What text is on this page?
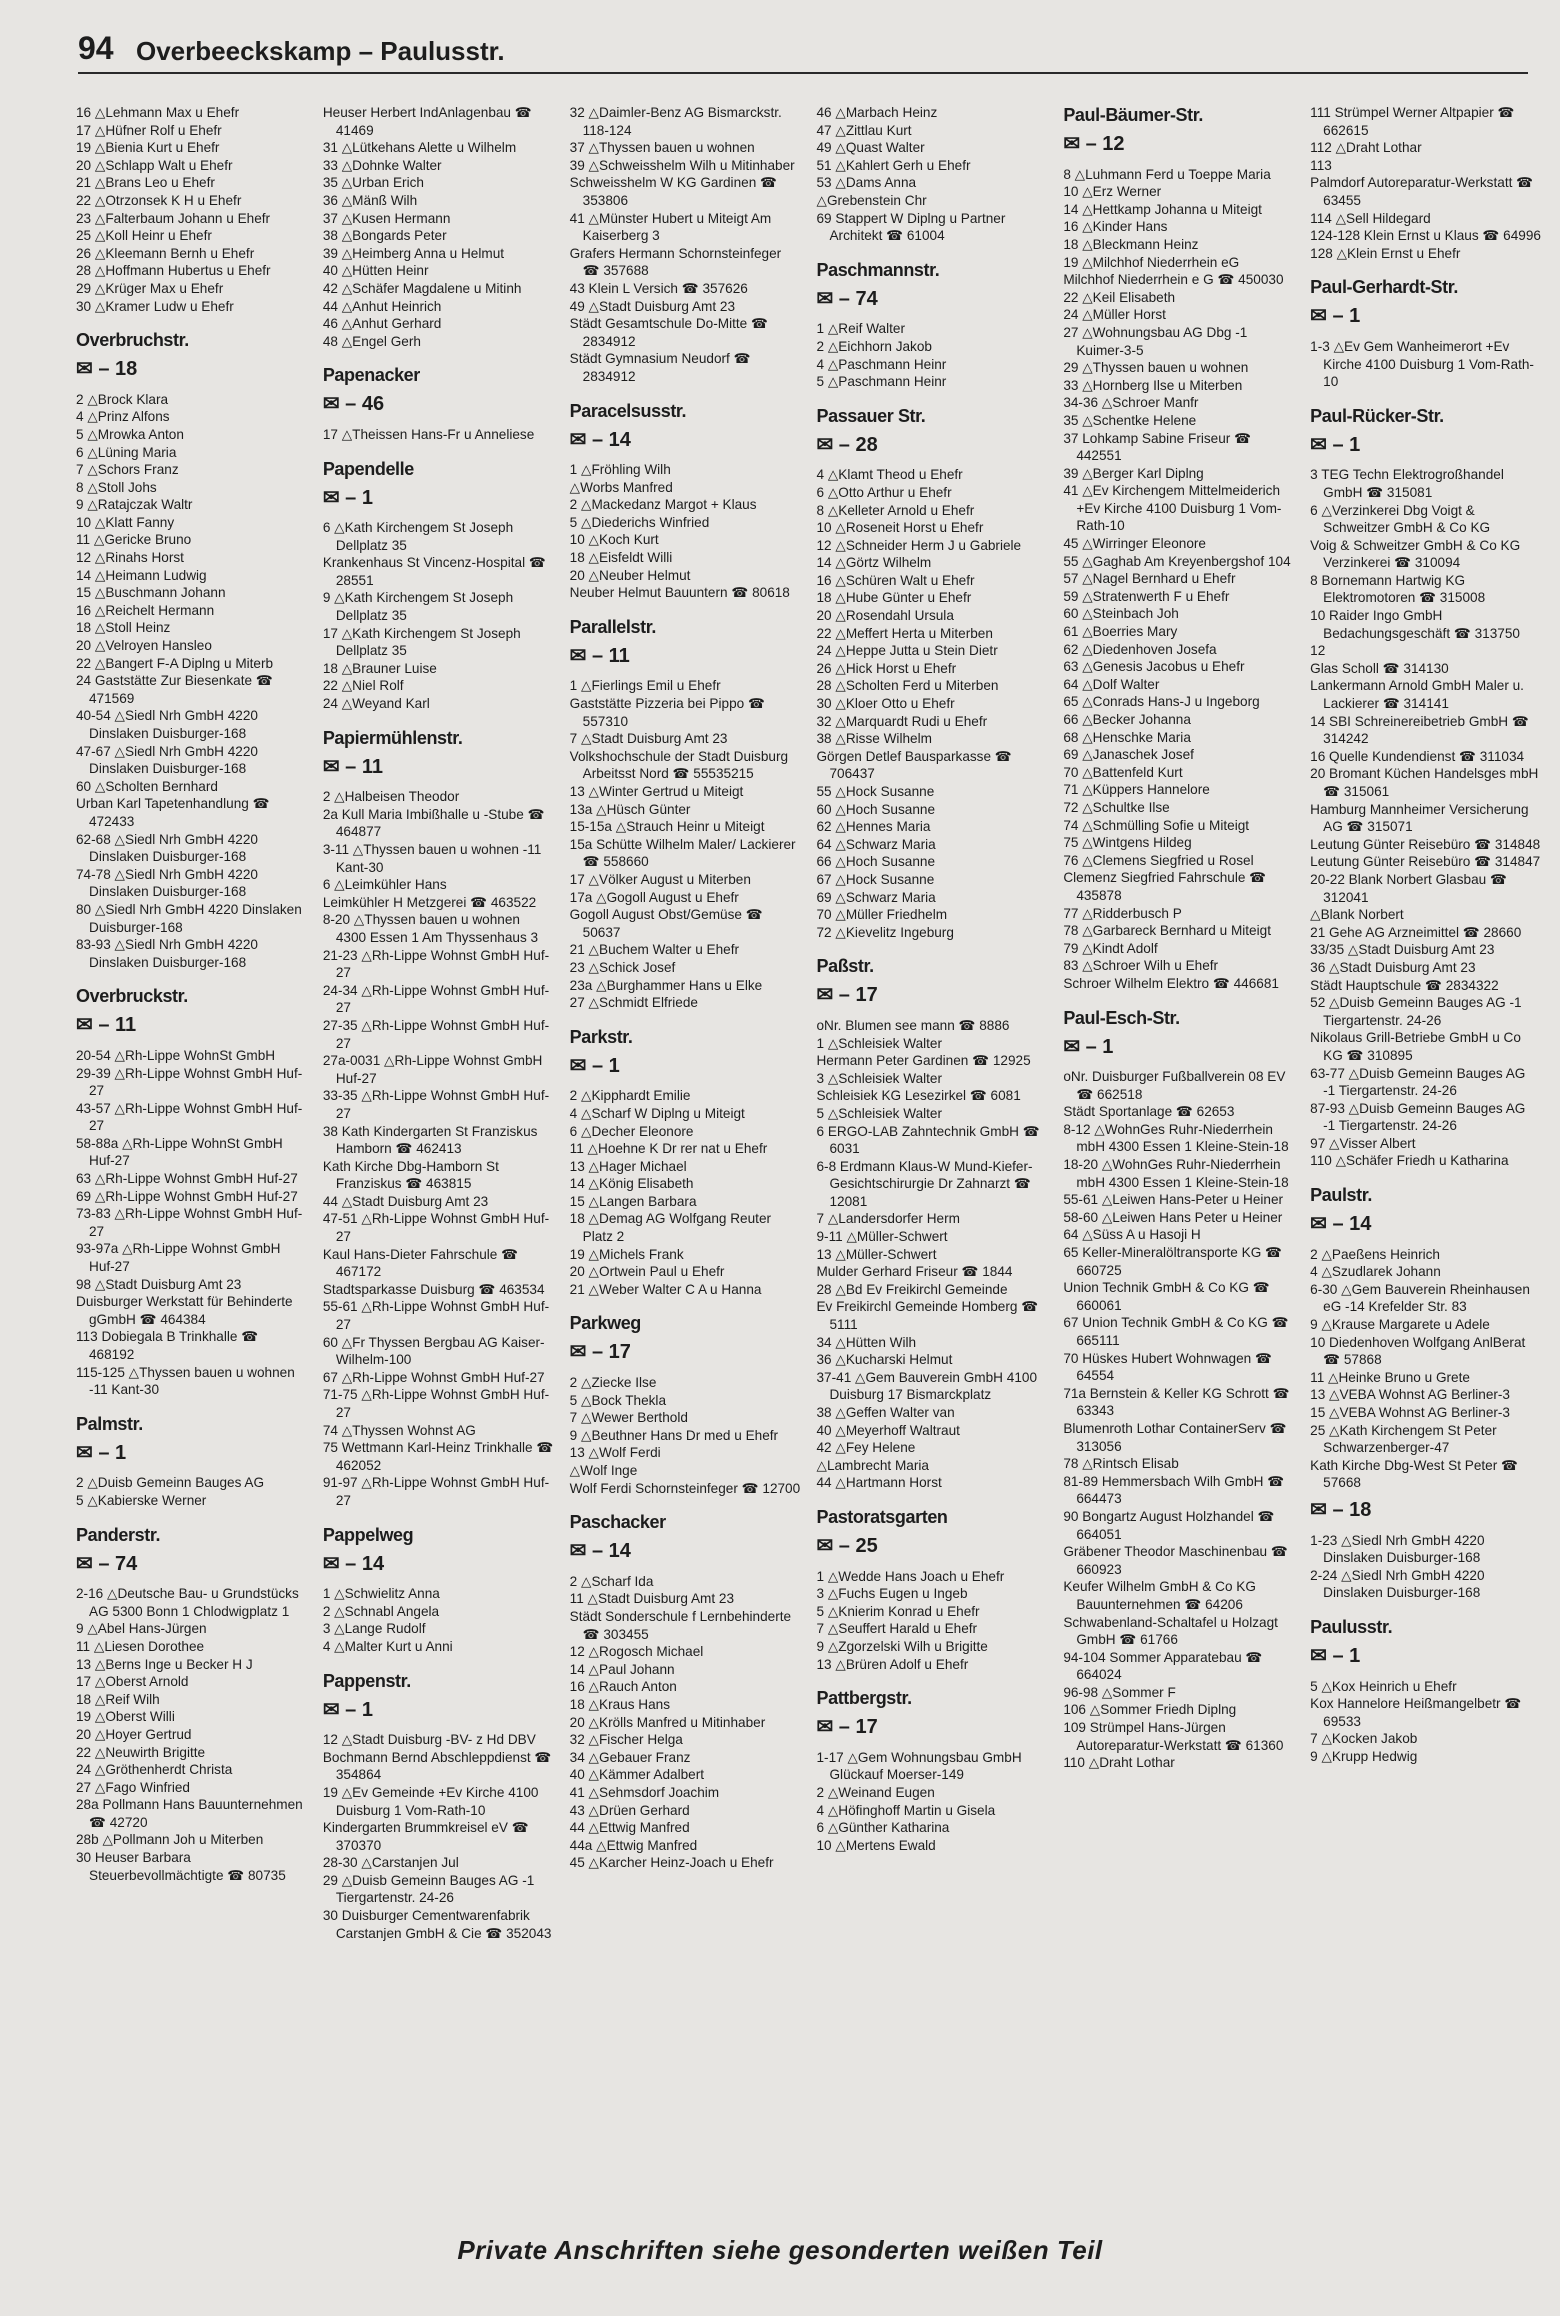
94 Overbeeckskamp – Paulusstr.
16 △Lehmann Max u Ehefr
17 △Hüfner Rolf u Ehefr
19 △Bienia Kurt u Ehefr
20 △Schlapp Walt u Ehefr
21 △Brans Leo u Ehefr
22 △Otrzonsek K H u Ehefr
23 △Falterbaum Johann u Ehefr
25 △Koll Heinr u Ehefr
26 △Kleemann Bernh u Ehefr
28 △Hoffmann Hubertus u Ehefr
29 △Krüger Max u Ehefr
30 △Kramer Ludw u Ehefr
Overbruchstr.
✉ – 18
2 △Brock Klara
4 △Prinz Alfons
5 △Mrowka Anton
6 △Lüning Maria
7 △Schors Franz
8 △Stoll Johs
9 △Ratajczak Waltr
10 △Klatt Fanny
11 △Gericke Bruno
12 △Rinahs Horst
14 △Heimann Ludwig
15 △Buschmann Johann
16 △Reichelt Hermann
18 △Stoll Heinz
20 △Velroyen Hansleo
22 △Bangert F-A Diplng u Miterb
24 Gaststätte Zur Biesenkate ☎ 471569
40-54 △Siedl Nrh GmbH 4220 Dinslaken Duisburger-168
47-67 △Siedl Nrh GmbH 4220 Dinslaken Duisburger-168
60 △Scholten Bernhard
Urban Karl Tapetenhandlung ☎ 472433
62-68 △Siedl Nrh GmbH 4220 Dinslaken Duisburger-168
74-78 △Siedl Nrh GmbH 4220 Dinslaken Duisburger-168
80 △Siedl Nrh GmbH 4220 Dinslaken Duisburger-168
83-93 △Siedl Nrh GmbH 4220 Dinslaken Duisburger-168
Overbruckstr.
✉ – 11
20-54 △Rh-Lippe WohnSt GmbH
29-39 △Rh-Lippe Wohnst GmbH Huf-27
43-57 △Rh-Lippe Wohnst GmbH Huf-27
58-88a △Rh-Lippe WohnSt GmbH Huf-27
63 △Rh-Lippe Wohnst GmbH Huf-27
69 △Rh-Lippe Wohnst GmbH Huf-27
73-83 △Rh-Lippe Wohnst GmbH Huf-27
93-97a △Rh-Lippe Wohnst GmbH Huf-27
98 △Stadt Duisburg Amt 23
Duisburger Werkstatt für Behinderte gGmbH ☎ 464384
113 Dobiegala B Trinkhalle ☎ 468192
115-125 △Thyssen bauen u wohnen -11 Kant-30
Palmstr.
✉ – 1
2 △Duisb Gemeinn Bauges AG
5 △Kabierske Werner
Panderstr.
✉ – 74
2-16 △Deutsche Bau- u Grundstücks AG 5300 Bonn 1 Chlodwigplatz 1
9 △Abel Hans-Jürgen
11 △Liesen Dorothee
13 △Berns Inge u Becker H J
17 △Oberst Arnold
18 △Reif Wilh
19 △Oberst Willi
20 △Hoyer Gertrud
22 △Neuwirth Brigitte
24 △Gröthenherdt Christa
27 △Fago Winfried
28a Pollmann Hans Bauunternehmen ☎ 42720
28b △Pollmann Joh u Miterben
30 Heuser Barbara Steuerbevollmächtigte ☎ 80735
Heuser Herbert IndAnlagenbau ☎ 41469
31 △Lütkehans Alette u Wilhelm
33 △Dohnke Walter
35 △Urban Erich
36 △Mänß Wilh
37 △Kusen Hermann
38 △Bongards Peter
39 △Heimberg Anna u Helmut
40 △Hütten Heinr
42 △Schäfer Magdalene u Mitinh
44 △Anhut Heinrich
46 △Anhut Gerhard
48 △Engel Gerh
Papenacker
✉ – 46
17 △Theissen Hans-Fr u Anneliese
Papendelle
✉ – 1
6 △Kath Kirchengem St Joseph Dellplatz 35
Krankenhaus St Vincenz-Hospital ☎ 28551
9 △Kath Kirchengem St Joseph Dellplatz 35
17 △Kath Kirchengem St Joseph Dellplatz 35
18 △Brauner Luise
22 △Niel Rolf
24 △Weyand Karl
Papiermühlenstr.
✉ – 11
2 △Halbeisen Theodor
2a Kull Maria Imbißhalle u -Stube ☎ 464877
3-11 △Thyssen bauen u wohnen -11 Kant-30
6 △Leimkühler Hans
Leimkühler H Metzgerei ☎ 463522
8-20 △Thyssen bauen u wohnen 4300 Essen 1 Am Thyssenhaus 3
21-23 △Rh-Lippe Wohnst GmbH Huf-27
24-34 △Rh-Lippe Wohnst GmbH Huf-27
27-35 △Rh-Lippe Wohnst GmbH Huf-27
27a-0031 △Rh-Lippe Wohnst GmbH Huf-27
33-35 △Rh-Lippe Wohnst GmbH Huf-27
38 Kath Kindergarten St Franziskus Hamborn ☎ 462413
Kath Kirche Dbg-Hamborn St Franziskus ☎ 463815
44 △Stadt Duisburg Amt 23
47-51 △Rh-Lippe Wohnst GmbH Huf-27
Kaul Hans-Dieter Fahrschule ☎ 467172
Stadtsparkasse Duisburg ☎ 463534
55-61 △Rh-Lippe Wohnst GmbH Huf-27
60 △Fr Thyssen Bergbau AG Kaiser-Wilhelm-100
67 △Rh-Lippe Wohnst GmbH Huf-27
71-75 △Rh-Lippe Wohnst GmbH Huf-27
74 △Thyssen Wohnst AG
75 Wettmann Karl-Heinz Trinkhalle ☎ 462052
91-97 △Rh-Lippe Wohnst GmbH Huf-27
Pappelweg
✉ – 14
1 △Schwielitz Anna
2 △Schnabl Angela
3 △Lange Rudolf
4 △Malter Kurt u Anni
Pappenstr.
✉ – 1
12 △Stadt Duisburg -BV- z Hd DBV
Bochmann Bernd Abschleppdienst ☎ 354864
19 △Ev Gemeinde +Ev Kirche 4100 Duisburg 1 Vom-Rath-10
Kindergarten Brummkreisel eV ☎ 370370
28-30 △Carstanjen Jul
29 △Duisb Gemeinn Bauges AG -1 Tiergartenstr. 24-26
30 Duisburger Cementwarenfabrik Carstanjen GmbH & Cie ☎ 352043
32 △Daimler-Benz AG Bismarckstr. 118-124
37 △Thyssen bauen u wohnen
39 △Schweisshelm Wilh u Mitinhaber
Schweisshelm W KG Gardinen ☎ 353806
41 △Münster Hubert u Miteigt Am Kaiserberg 3
Grafers Hermann Schornsteinfeger ☎ 357688
43 Klein L Versich ☎ 357626
49 △Stadt Duisburg Amt 23
Städt Gesamtschule Do-Mitte ☎ 2834912
Städt Gymnasium Neudorf ☎ 2834912
Paracelsusstr.
✉ – 14
1 △Fröhling Wilh
△Worbs Manfred
2 △Mackedanz Margot + Klaus
5 △Diederichs Winfried
10 △Koch Kurt
18 △Eisfeldt Willi
20 △Neuber Helmut
Neuber Helmut Bauuntern ☎ 80618
Parallelstr.
✉ – 11
1 △Fierlings Emil u Ehefr
Gaststätte Pizzeria bei Pippo ☎ 557310
7 △Stadt Duisburg Amt 23
Volkshochschule der Stadt Duisburg Arbeitsst Nord ☎ 55535215
13 △Winter Gertrud u Miteigt
13a △Hüsch Günter
15-15a △Strauch Heinr u Miteigt
15a Schütte Wilhelm Maler/ Lackierer ☎ 558660
17 △Völker August u Miterben
17a △Gogoll August u Ehefr
Gogoll August Obst/Gemüse ☎ 50637
21 △Buchem Walter u Ehefr
23 △Schick Josef
23a △Burghammer Hans u Elke
27 △Schmidt Elfriede
Parkstr.
✉ – 1
2 △Kipphardt Emilie
4 △Scharf W Diplng u Miteigt
6 △Decher Eleonore
11 △Hoehne K Dr rer nat u Ehefr
13 △Hager Michael
14 △König Elisabeth
15 △Langen Barbara
18 △Demag AG Wolfgang Reuter Platz 2
19 △Michels Frank
20 △Ortwein Paul u Ehefr
21 △Weber Walter C A u Hanna
Parkweg
✉ – 17
2 △Ziecke Ilse
5 △Bock Thekla
7 △Wewer Berthold
9 △Beuthner Hans Dr med u Ehefr
13 △Wolf Ferdi
△Wolf Inge
Wolf Ferdi Schornsteinfeger ☎ 12700
Paschacker
✉ – 14
2 △Scharf Ida
11 △Stadt Duisburg Amt 23
Städt Sonderschule f Lernbehinderte ☎ 303455
12 △Rogosch Michael
14 △Paul Johann
16 △Rauch Anton
18 △Kraus Hans
20 △Krölls Manfred u Mitinhaber
32 △Fischer Helga
34 △Gebauer Franz
40 △Kämmer Adalbert
41 △Sehmsdorf Joachim
43 △Drüen Gerhard
44 △Ettwig Manfred
44a △Ettwig Manfred
45 △Karcher Heinz-Joach u Ehefr
46 △Marbach Heinz
47 △Zittlau Kurt
49 △Quast Walter
51 △Kahlert Gerh u Ehefr
53 △Dams Anna
△Grebenstein Chr
69 Stappert W Diplng u Partner Architekt ☎ 61004
Paschmannstr.
✉ – 74
1 △Reif Walter
2 △Eichhorn Jakob
4 △Paschmann Heinr
5 △Paschmann Heinr
Passauer Str.
✉ – 28
4 △Klamt Theod u Ehefr
6 △Otto Arthur u Ehefr
8 △Kelleter Arnold u Ehefr
10 △Roseneit Horst u Ehefr
12 △Schneider Herm J u Gabriele
14 △Görtz Wilhelm
16 △Schüren Walt u Ehefr
18 △Hube Günter u Ehefr
20 △Rosendahl Ursula
22 △Meffert Herta u Miterben
24 △Heppe Jutta u Stein Dietr
26 △Hick Horst u Ehefr
28 △Scholten Ferd u Miterben
30 △Kloer Otto u Ehefr
32 △Marquardt Rudi u Ehefr
38 △Risse Wilhelm
Görgen Detlef Bausparkasse ☎ 706437
55 △Hock Susanne
60 △Hoch Susanne
62 △Hennes Maria
64 △Schwarz Maria
66 △Hoch Susanne
67 △Hock Susanne
69 △Schwarz Maria
70 △Müller Friedhelm
72 △Kievelitz Ingeburg
Paßstr.
✉ – 17
oNr. Blumen see mann ☎ 8886
1 △Schleisiek Walter
Hermann Peter Gardinen ☎ 12925
3 △Schleisiek Walter
Schleisiek KG Lesezirkel ☎ 6081
5 △Schleisiek Walter
6 ERGO-LAB Zahntechnik GmbH ☎ 6031
6-8 Erdmann Klaus-W Mund-Kiefer-Gesichtschirurgie Dr Zahnarzt ☎ 12081
7 △Landersdorfer Herm
9-11 △Müller-Schwert
13 △Müller-Schwert
Mulder Gerhard Friseur ☎ 1844
28 △Bd Ev Freikirchl Gemeinde
Ev Freikirchl Gemeinde Homberg ☎ 5111
34 △Hütten Wilh
36 △Kucharski Helmut
37-41 △Gem Bauverein GmbH 4100 Duisburg 17 Bismarckplatz
38 △Geffen Walter van
40 △Meyerhoff Waltraut
42 △Fey Helene
△Lambrecht Maria
44 △Hartmann Horst
Pastoratsgarten
✉ – 25
1 △Wedde Hans Joach u Ehefr
3 △Fuchs Eugen u Ingeb
5 △Knierim Konrad u Ehefr
7 △Seuffert Harald u Ehefr
9 △Zgorzelski Wilh u Brigitte
13 △Brüren Adolf u Ehefr
Pattbergstr.
✉ – 17
1-17 △Gem Wohnungsbau GmbH Glückauf Moerser-149
2 △Weinand Eugen
4 △Höfinghoff Martin u Gisela
6 △Günther Katharina
10 △Mertens Ewald
Paul-Bäumer-Str.
✉ – 12
8 △Luhmann Ferd u Toeppe Maria
10 △Erz Werner
14 △Hettkamp Johanna u Miteigt
16 △Kinder Hans
18 △Bleckmann Heinz
19 △Milchhof Niederrhein eG
Milchhof Niederrhein e G ☎ 450030
22 △Keil Elisabeth
24 △Müller Horst
27 △Wohnungsbau AG Dbg -1 Kuimer-3-5
29 △Thyssen bauen u wohnen
33 △Hornberg Ilse u Miterben
34-36 △Schroer Manfr
35 △Schentke Helene
37 Lohkamp Sabine Friseur ☎ 442551
39 △Berger Karl Diplng
41 △Ev Kirchengem Mittelmeiderich +Ev Kirche 4100 Duisburg 1 Vom-Rath-10
45 △Wirringer Eleonore
55 △Gaghab Am Kreyenbergshof 104
57 △Nagel Bernhard u Ehefr
59 △Stratenwerth F u Ehefr
60 △Steinbach Joh
61 △Boerries Mary
62 △Diedenhoven Josefa
63 △Genesis Jacobus u Ehefr
64 △Dolf Walter
65 △Conrads Hans-J u Ingeborg
66 △Becker Johanna
68 △Henschke Maria
69 △Janaschek Josef
70 △Battenfeld Kurt
71 △Küppers Hannelore
72 △Schultke Ilse
74 △Schmülling Sofie u Miteigt
75 △Wintgens Hildeg
76 △Clemens Siegfried u Rosel
Clemenz Siegfried Fahrschule ☎ 435878
77 △Ridderbusch P
78 △Garbareck Bernhard u Miteigt
79 △Kindt Adolf
83 △Schroer Wilh u Ehefr
Schroer Wilhelm Elektro ☎ 446681
Paul-Esch-Str.
✉ – 1
oNr. Duisburger Fußballverein 08 EV ☎ 662518
Städt Sportanlage ☎ 62653
8-12 △WohnGes Ruhr-Niederrhein mbH 4300 Essen 1 Kleine-Stein-18
18-20 △WohnGes Ruhr-Niederrhein mbH 4300 Essen 1 Kleine-Stein-18
55-61 △Leiwen Hans-Peter u Heiner
58-60 △Leiwen Hans Peter u Heiner
64 △Süss A u Hasoji H
65 Keller-Mineralöltransporte KG ☎ 660725
Union Technik GmbH & Co KG ☎ 660061
67 Union Technik GmbH & Co KG ☎ 665111
70 Hüskes Hubert Wohnwagen ☎ 64554
71a Bernstein & Keller KG Schrott ☎ 63343
Blumenroth Lothar ContainerServ ☎ 313056
78 △Rintsch Elisab
81-89 Hemmersbach Wilh GmbH ☎ 664473
90 Bongartz August Holzhandel ☎ 664051
Gräbener Theodor Maschinenbau ☎ 660923
Keufer Wilhelm GmbH & Co KG Bauunternehmen ☎ 64206
Schwabenland-Schaltafel u Holzagt GmbH ☎ 61766
94-104 Sommer Apparatebau ☎ 664024
96-98 △Sommer F
106 △Sommer Friedh Diplng
109 Strümpel Hans-Jürgen Autoreparatur-Werkstatt ☎ 61360
110 △Draht Lothar
111 Strümpel Werner Altpapier ☎ 662615
112 △Draht Lothar
113
Palmdorf Autoreparatur-Werkstatt ☎ 63455
114 △Sell Hildegard
124-128 Klein Ernst u Klaus ☎ 64996
128 △Klein Ernst u Ehefr
Paul-Gerhardt-Str.
✉ – 1
1-3 △Ev Gem Wanheimerort +Ev Kirche 4100 Duisburg 1 Vom-Rath-10
Paul-Rücker-Str.
✉ – 1
3 TEG Techn Elektrogroßhandel GmbH ☎ 315081
6 △Verzinkerei Dbg Voigt & Schweitzer GmbH & Co KG
Voig & Schweitzer GmbH & Co KG Verzinkerei ☎ 310094
8 Bornemann Hartwig KG Elektromotoren ☎ 315008
10 Raider Ingo GmbH Bedachungsgeschäft ☎ 313750
12
Glas Scholl ☎ 314130
Lankermann Arnold GmbH Maler u. Lackierer ☎ 314141
14 SBI Schreinereibetrieb GmbH ☎ 314242
16 Quelle Kundendienst ☎ 311034
20 Bromant Küchen Handelsges mbH ☎ 315061
Hamburg Mannheimer Versicherung AG ☎ 315071
Leutung Günter Reisebüro ☎ 314848
Leutung Günter Reisebüro ☎ 314847
20-22 Blank Norbert Glasbau ☎ 312041
△Blank Norbert
21 Gehe AG Arzneimittel ☎ 28660
33/35 △Stadt Duisburg Amt 23
36 △Stadt Duisburg Amt 23
Städt Hauptschule ☎ 2834322
52 △Duisb Gemeinn Bauges AG -1 Tiergartenstr. 24-26
Nikolaus Grill-Betriebe GmbH u Co KG ☎ 310895
63-77 △Duisb Gemeinn Bauges AG -1 Tiergartenstr. 24-26
87-93 △Duisb Gemeinn Bauges AG -1 Tiergartenstr. 24-26
97 △Visser Albert
110 △Schäfer Friedh u Katharina
Paulstr.
✉ – 14
2 △Paeßens Heinrich
4 △Szudlarek Johann
6-30 △Gem Bauverein Rheinhausen eG -14 Krefelder Str. 83
9 △Krause Margarete u Adele
10 Diedenhoven Wolfgang AnlBerat ☎ 57868
11 △Heinke Bruno u Grete
13 △VEBA Wohnst AG Berliner-3
15 △VEBA Wohnst AG Berliner-3
25 △Kath Kirchengem St Peter Schwarzenberger-47
Kath Kirche Dbg-West St Peter ☎ 57668
✉ – 18
1-23 △Siedl Nrh GmbH 4220 Dinslaken Duisburger-168
2-24 △Siedl Nrh GmbH 4220 Dinslaken Duisburger-168
Paulusstr.
✉ – 1
5 △Kox Heinrich u Ehefr
Kox Hannelore Heißmangelbetr ☎ 69533
7 △Kocken Jakob
9 △Krupp Hedwig
Private Anschriften siehe gesonderten weißen Teil
